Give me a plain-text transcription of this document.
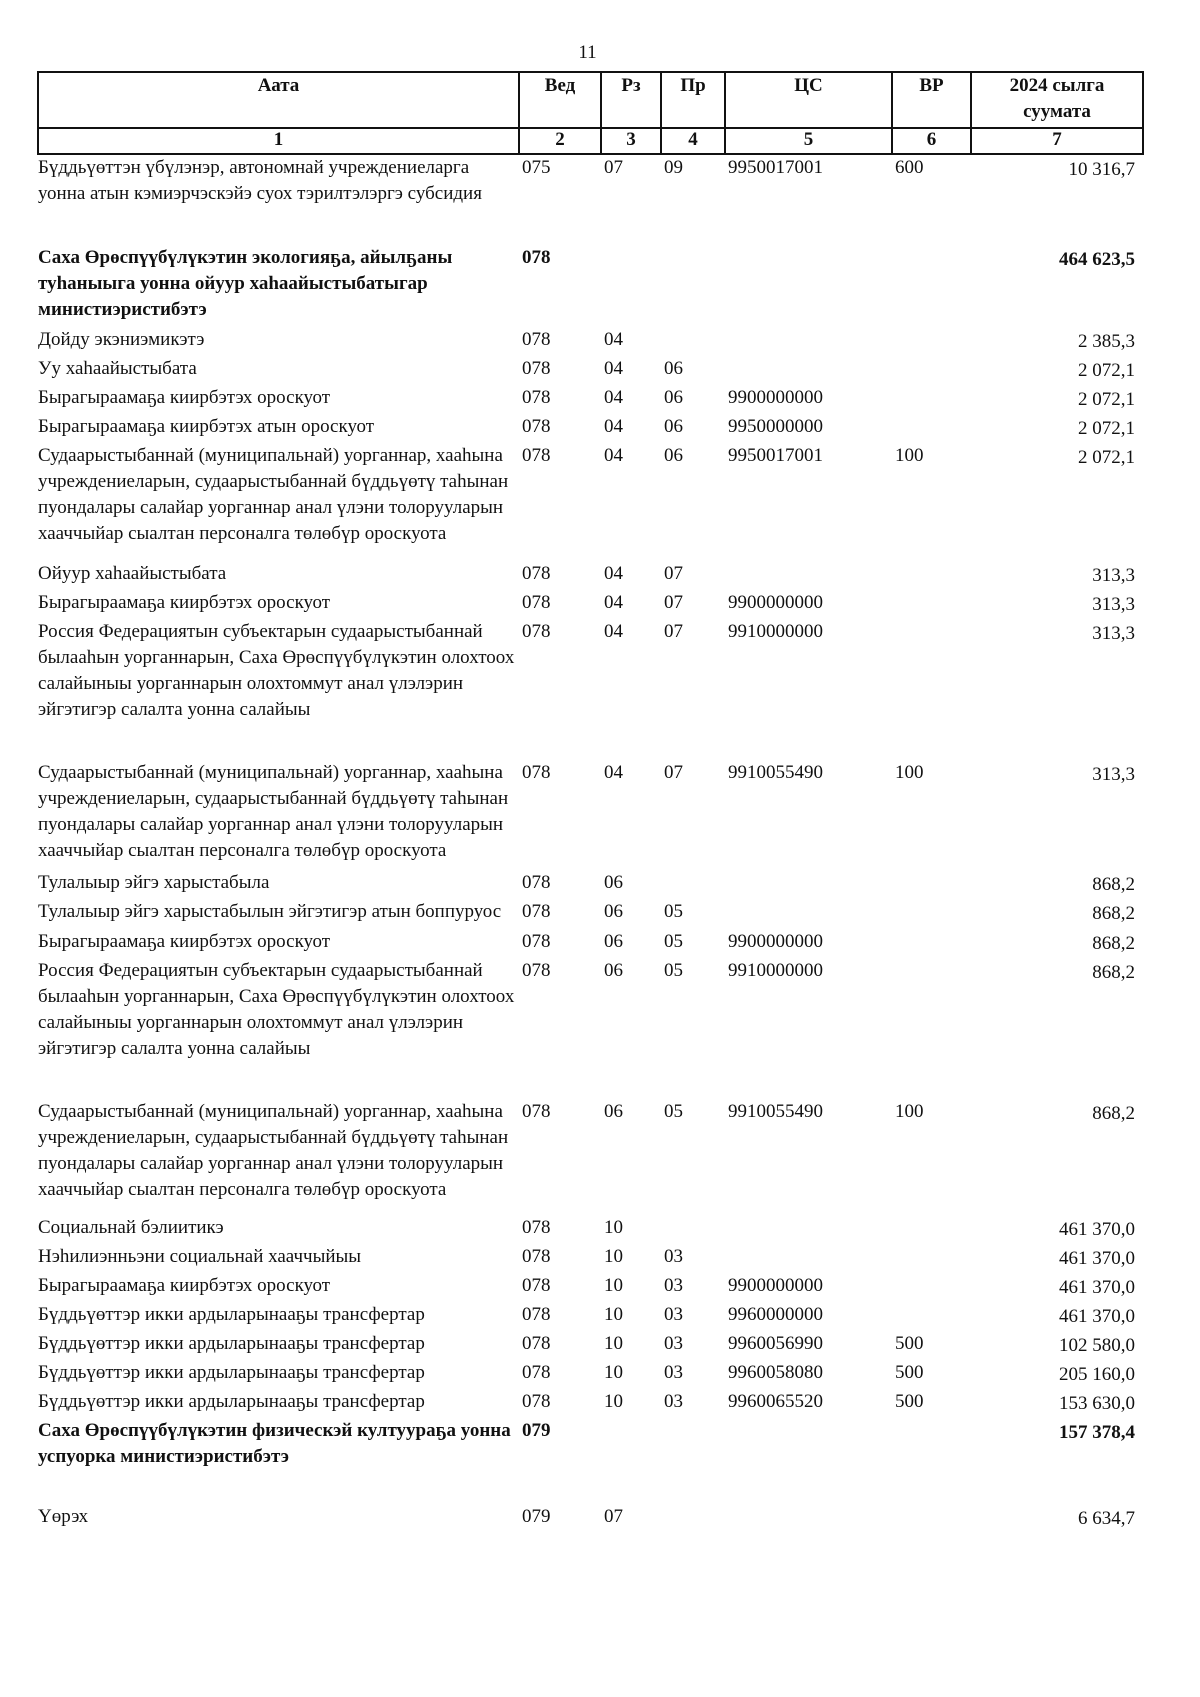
11
Аата	Вед	Рз	Пр	ЦС	ВР	2024 сылга суумата
1	2	3	4	5	6	7
Бүддьүөттэн үбүлэнэр, автономнай учреждениеларга уонна атын кэмиэрчэскэйэ суох тэрилтэлэргэ субсидия	075	07	09	9950017001	600	10 316,7
Саха Өрөспүүбүлүкэтин экологияҕа, айылҕаны туһаныыга уонна ойуур хаһаайыстыбатыгар министиэристибэтэ	078					464 623,5
Дойду экэниэмикэтэ	078	04				2 385,3
Уу хаһаайыстыбата	078	04	06			2 072,1
Бырагыраамаҕа киирбэтэх ороскуот	078	04	06	9900000000		2 072,1
Бырагыраамаҕа киирбэтэх атын ороскуот	078	04	06	9950000000		2 072,1
Судаарыстыбаннай (муниципальнай) уорганнар, хааһына учреждениеларын, судаарыстыбаннай бүддьүөтү таһынан пуондалары салайар уорганнар анал үлэни толорууларын хааччыйар сыалтан персоналга төлөбүр ороскуота	078	04	06	9950017001	100	2 072,1
Ойуур хаһаайыстыбата	078	04	07			313,3
Бырагыраамаҕа киирбэтэх ороскуот	078	04	07	9900000000		313,3
Россия Федерациятын субъектарын судаарыстыбаннай былааһын уорганнарын, Саха Өрөспүүбүлүкэтин олохтоох салайыныы уорганнарын олохтоммут анал үлэлэрин эйгэтигэр салалта уонна салайыы	078	04	07	9910000000		313,3
Судаарыстыбаннай (муниципальнай) уорганнар, хааһына учреждениеларын, судаарыстыбаннай бүддьүөтү таһынан пуондалары салайар уорганнар анал үлэни толорууларын хааччыйар сыалтан персоналга төлөбүр ороскуота	078	04	07	9910055490	100	313,3
Тулалыыр эйгэ харыстабыла	078	06				868,2
Тулалыыр эйгэ харыстабылын эйгэтигэр атын боппуруос	078	06	05			868,2
Бырагыраамаҕа киирбэтэх ороскуот	078	06	05	9900000000		868,2
Россия Федерациятын субъектарын судаарыстыбаннай былааһын уорганнарын, Саха Өрөспүүбүлүкэтин олохтоох салайыныы уорганнарын олохтоммут анал үлэлэрин эйгэтигэр салалта уонна салайыы	078	06	05	9910000000		868,2
Судаарыстыбаннай (муниципальнай) уорганнар, хааһына учреждениеларын, судаарыстыбаннай бүддьүөтү таһынан пуондалары салайар уорганнар анал үлэни толорууларын хааччыйар сыалтан персоналга төлөбүр ороскуота	078	06	05	9910055490	100	868,2
Социальнай бэлиитикэ	078	10				461 370,0
Нэһилиэнньэни социальнай хааччыйыы	078	10	03			461 370,0
Бырагыраамаҕа киирбэтэх ороскуот	078	10	03	9900000000		461 370,0
Бүддьүөттэр икки ардыларынааҕы трансфертар	078	10	03	9960000000		461 370,0
Бүддьүөттэр икки ардыларынааҕы трансфертар	078	10	03	9960056990	500	102 580,0
Бүддьүөттэр икки ардыларынааҕы трансфертар	078	10	03	9960058080	500	205 160,0
Бүддьүөттэр икки ардыларынааҕы трансфертар	078	10	03	9960065520	500	153 630,0
Саха Өрөспүүбүлүкэтин физическэй култуураҕа уонна успуорка министиэристибэтэ	079					157 378,4
Үөрэх	079	07				6 634,7
